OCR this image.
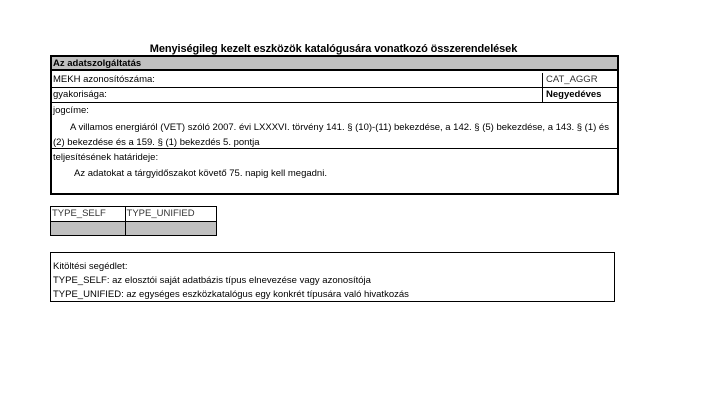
Menyiségileg kezelt eszközök katalógusára vonatkozó összerendelések
Az adatszolgáltatás
MEKH azonosítószáma:	CAT_AGGR
gyakorisága:	Negyedéves
jogcíme:
A villamos energiáról (VET) szóló 2007. évi LXXXVI. törvény 141. § (10)-(11) bekezdése, a 142. § (5) bekezdése, a 143. § (1) és (2) bekezdése és a 159. § (1) bekezdés 5. pontja
teljesítésének határideje:
Az adatokat a tárgyidőszakot követő 75. napig kell megadni.
TYPE_SELF	TYPE_UNIFIED

Kitöltési segédlet:
TYPE_SELF: az elosztói saját adatbázis típus elnevezése vagy azonosítója
TYPE_UNIFIED: az egységes eszközkatalógus egy konkrét típusára való hivatkozás
